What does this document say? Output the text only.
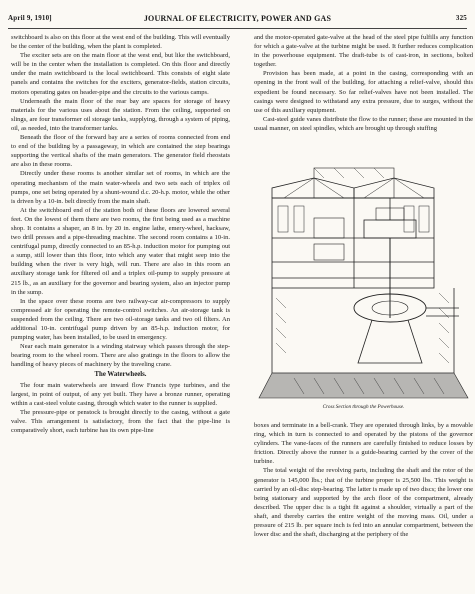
April 9, 1910]	JOURNAL OF ELECTRICITY, POWER AND GAS	325

switchboard is also on this floor at the west end of the building. This will eventually be the center of the building, when the plant is completed.

The exciter sets are on the main floor at the west end, but like the switchboard, will be in the center when the installation is completed. On this floor and directly under the main switchboard is the local switchboard. This consists of eight slate panels and contains the switches for the exciters, generator-fields, station circuits, motors operating gates on header-pipe and the circuits to the various camps.

Underneath the main floor of the rear bay are spaces for storage of heavy materials for the various uses about the station. From the ceiling, supported on slings, are four transformer oil storage tanks, supplying, through a system of piping, oil, as needed, into the transformer tanks.

Beneath the floor of the forward bay are a series of rooms connected from end to end of the building by a passageway, in which are contained the step bearings supporting the vertical shafts of the main generators. The generator field rheostats are also in these rooms.

Directly under these rooms is another similar set of rooms, in which are the operating mechanism of the main water-wheels and two sets each of triplex oil pumps, one set being operated by a shunt-wound d.c. 20-h.p. motor, while the other is driven by a 10-in. belt directly from the main shaft.

At the switchboard end of the station both of these floors are lowered several feet. On the lowest of them there are two rooms, the first being used as a machine shop. It contains a shaper, an 8 in. by 20 in. engine lathe, emery-wheel, hacksaw, two drill presses and a pipe-threading machine. The second room contains a 10-in. centrifugal pump, directly connected to an 85-h.p. induction motor for pumping out a sump, still lower than this floor, into which any water that might seep into the building when the river is very high, will run. There are also in this room an auxiliary storage tank for filtered oil and a triplex oil-pump to supply pressure at 215 lb., as an auxiliary for the governor and bearing system, also an injector pump in the sump.

In the space over these rooms are two railway-car air-compressors to supply compressed air for operating the remote-control switches. An air-storage tank is suspended from the ceiling. There are two oil-storage tanks and two oil filters. An additional 10-in. centrifugal pump driven by an 85-h.p. induction motor, for pumping water, has been installed, to be used in emergency.

Near each main generator is a winding stairway which passes through the step-bearing room to the wheel room. There are also gratings in the floors to allow the handling of heavy pieces of machinery by the traveling crane.

The Waterwheels.

The four main waterwheels are inward flow Francis type turbines, and the largest, in point of output, of any yet built. They have a bronze runner, operating within a cast-steel volute casing, through which water to the runner is supplied.

The pressure-pipe or penstock is brought directly to the casing, without a gate valve. This arrangement is satisfactory, from the fact that the pipe-line is comparatively short, each turbine has its own pipe-line

and the motor-operated gate-valve at the head of the steel pipe fulfills any function for which a gate-valve at the turbine might be used. It further reduces complication in the powerhouse equipment. The draft-tube is of cast-iron, in sections, bolted together.

Provision has been made, at a point in the casing, corresponding with an opening in the front wall of the building, for attaching a relief-valve, should this expedient be found necessary. So far relief-valves have not been installed. The casings were designed to withstand any extra pressure, due to surges, without the use of this auxiliary equipment.

Cast-steel guide vanes distribute the flow to the runner; these are mounted in the usual manner, on steel spindles, which are brought up through stuffing

Cross Section through the Powerhouse.

boxes and terminate in a bell-crank. They are operated through links, by a movable ring, which in turn is connected to and operated by the pistons of the governor cylinders. The vane-faces of the runners are carefully finished to reduce losses by friction. Directly above the runner is a guide-bearing carried by the cover of the turbine.

The total weight of the revolving parts, including the shaft and the rotor of the generator is 145,000 lbs.; that of the turbine proper is 25,500 lbs. This weight is carried by an oil-disc step-bearing. The latter is made up of two discs; the lower one being stationary and supported by the arch floor of the compartment, already described. The upper disc is a tight fit against a shoulder, virtually a part of the shaft, and thereby carries the entire weight of the moving mass. Oil, under a pressure of 215 lb. per square inch is fed into an annular compartment, between the lower disc and the shaft, discharging at the periphery of the
